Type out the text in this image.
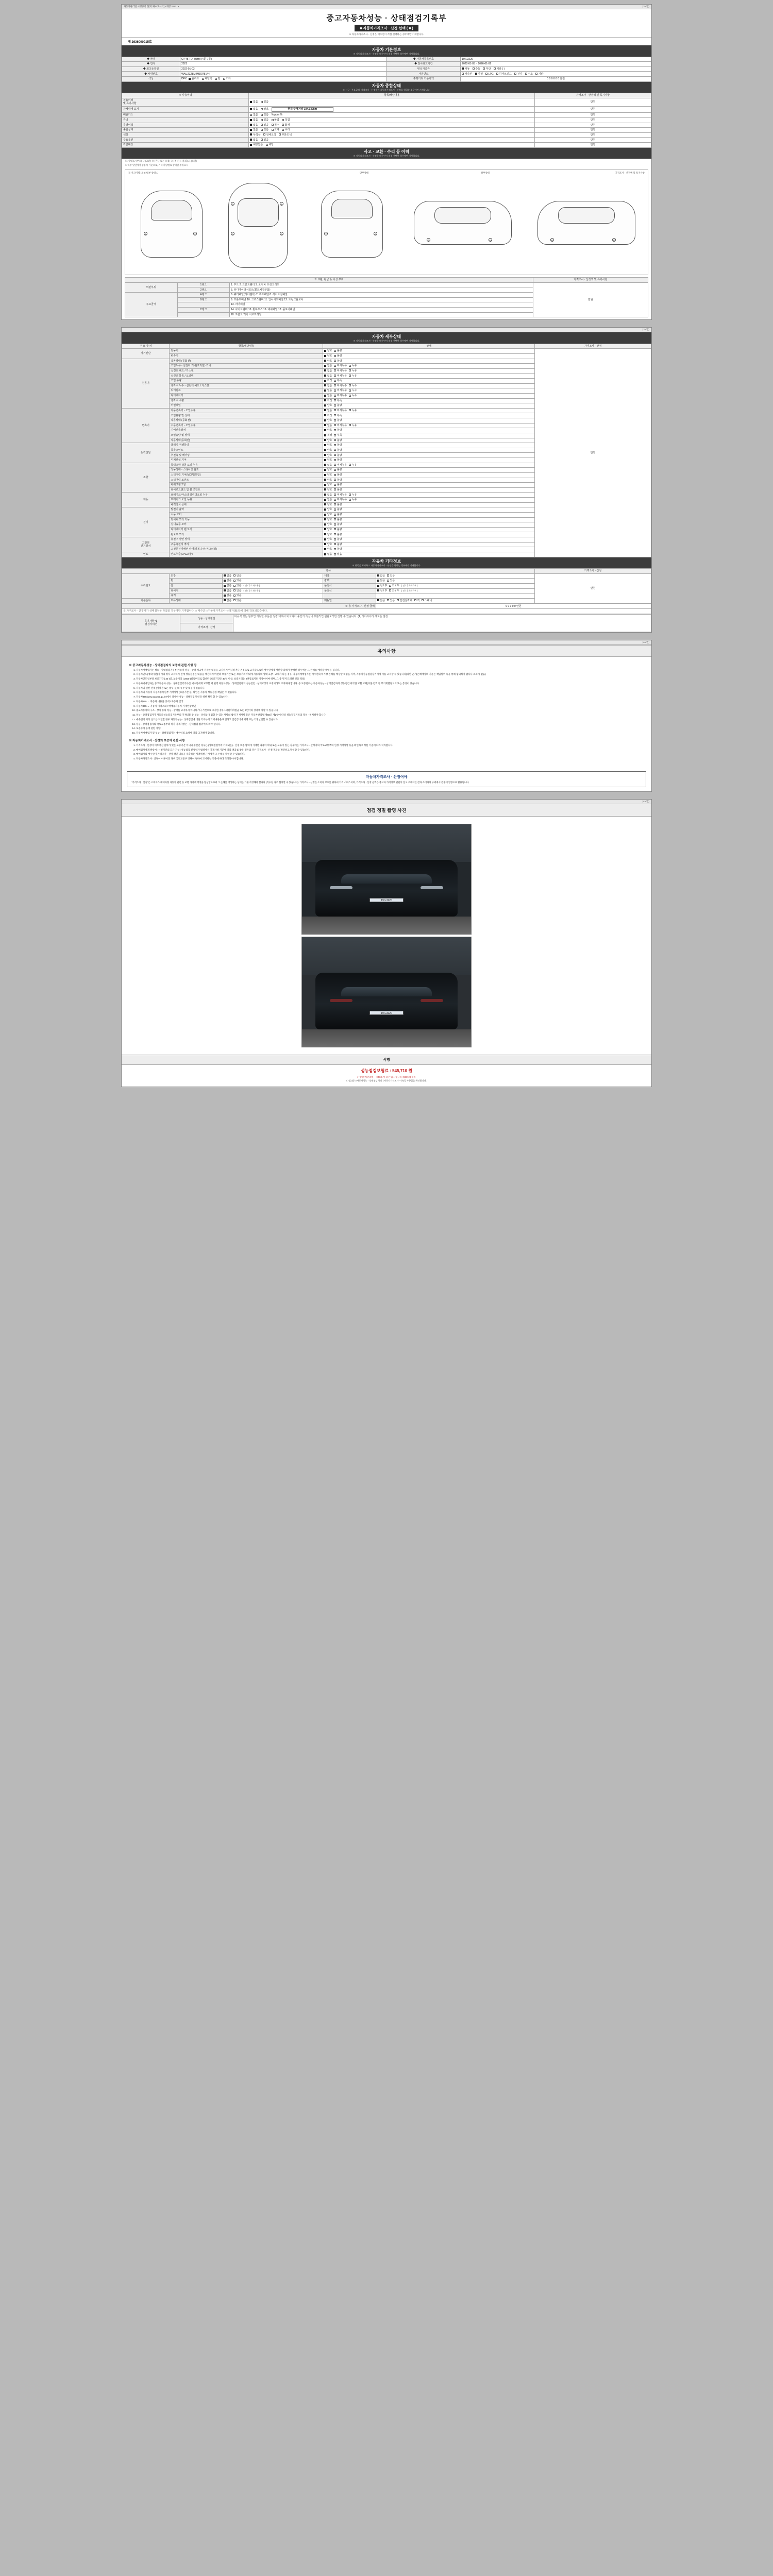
자동차관리법 시행규칙 [별지 제82호서식] <개정 2022. >	(3/4면)
중고자동차성능 · 상태점검기록부
■ 자동차가격조사 · 산정 선택 ( ■ )
※ 자동차가격조사 · 산정은 매수인이 직접 선택하는 경우에만 기재합니다.
제 2636000915호
자동차 기본정보
※ 자동차가격조사 · 산정을 매수인이 직접 선택한 경우에만 기재합니다.
◆ 차명	Q7 45 TDI quttro (4륜구동)	◆ 자동차등록번호	19도3220
◆ 연식	2021	◆ 검사유효기간	2022-01-03 ~ 2026-01-02
◆ 최초등록일	2022-01-03	변속기종류	자동 수동 무단 기타 ( )
◆ 차대번호	WAUZZZ8M4MD075144	사용연료	가솔린 디젤 LPG 하이브리드 전기 수소 기타
색상	DPX 솔리드 메탈릭 펄 기타	주행거리 기준가액	0 0 0 0 0 0 만원
자동차 종합상태
※ 신규 · 주요골격, 가격조사 · 산정액이 자동차가격조사 · 산정을 원하는 경우에만 기재합니다.
※ 사용이력	항목/해당내용	가격조사 · 산정액 및 특기사항
전용이력
및 특기사항	없음 있음	만원
자체상태 표기	없음 양호 현재 주행거리 194,039km	만원
배출가스	없음 있음 % ppm %	만원
튜닝	없음 있음 불법 적법	만원
특별이력	없음 있음 침수 화재	만원
종합상태	없음 있음 교체 수리	만원
색상	무색상 전체도색 부분도색	만원
주요옵션	없음 있음	만원
리콜대상	해당없음 해당	만원
사고 · 교환 · 수리 등 이력
※ 자동차가격조사 · 산정을 매수인이 직접 선택한 경우에만 기재합니다.
※ (상태표시부호) ⊙ (교환) ⊗ (판금 또는 용접) ⊖ (부식) □ (흠집) △ (요철)
※ 하부 밑면에서 승용차 기준으로, 기타 차량별로 상태별 부위표시
※ 사고이력 (외부/내부 상태 1)	단부상태	하부상태	가격조사 · 산정액 및 특기사항
1	2
3	4
5	6	7	8
9	10	11	12
※ 교환, 판금 등 이상 부위			가격조사 · 산정액 및 특기사항
외판부위	1랭크	1. 후드 2. 프론트휀더 3. 도어 4. 트렁크리드	만원
	2랭크	5. 라디에이터서포트(볼트체결부품)	
주요골격	A랭크	6. 쿼터패널(리어휀더) 7. 루프패널 8. 사이드실패널	
	B랭크	9. 프론트패널 10. 크로스멤버 11. 인사이드패널 12. 트렁크플로어	
		13. 리어패널	
	C랭크	14. 사이드멤버 15. 휠하우스 16. 대쉬패널 17. 플로어패널	
		20. 프론트/리어 서브프레임	
(3/4면)
자동차 세부상태
※ 자동차가격조사 · 산정을 매수인이 직접 선택한 경우에만 기재합니다.
주 요 장 치	항목/해당내용	상태	가격조사 · 산정
자기진단	원동기	양호 불량	만원
	변속기	양호 불량	
원동기	작동상태 (공회전)	양호 불량	
	오일누유 - 실린더 커버(로커암) 커버	없음 미세누유 누유	
	실린더 헤드 / 가스켓	없음 미세누유 누유	
	실린더 블록 / 오일팬	없음 미세누유 누유	
	오일 유량	적정 부족	
	냉각수 누수 - 실린더 헤드 / 가스켓	없음 미세누수 누수	
	워터펌프	없음 미세누수 누수	
	라디에이터	없음 미세누수 누수	
	냉각수 수량	적정 부족	
	커먼레일	양호 불량	
변속기	자동변속기 - 오일누유	없음 미세누유 누유	
	오일유량 및 상태	적정 부족	
	작동상태 (공회전)	양호 불량	
	수동변속기 - 오일누유	없음 미세누유 누유	
	기어변속장치	양호 불량	
	오일유량 및 상태	적정 부족	
	작동상태(공회전)	양호 불량	
동력전달	클러치 어셈블리	양호 불량	
	등속조인트	양호 불량	
	추진축 및 베어링	양호 불량	
	디퍼렌셜 기어	양호 불량	
조향	동력조향 작동 오일 누유	없음 미세누유 누유	
	작동상태 - 스티어링 펌프	양호 불량	
	스티어링 기어(MDPS포함)	양호 불량	
	스티어링 조인트	양호 불량	
	파워크랭크암	양호 불량	
	타이로드엔드 및 볼 조인트	양호 불량	
제동	브레이크 마스터 실린더오일 누유	없음 미세누유 누유	
	브레이크 오일 누유	없음 미세누유 누유	
	배력장치 상태	양호 불량	
전기	발전기 출력	양호 불량	
	시동 모터	양호 불량	
	와이퍼 모터 기능	양호 불량	
	실내송풍 모터	양호 불량	
	라디에이터 팬 모터	양호 불량	
	윈도우 모터	양호 불량	
고전원
전기장치	충전구 절연 상태	양호 불량	
	구동축전지 격리	양호 불량	
	고전원전기배선 상태(피복,손상,찌그러짐)	양호 불량	
연료	연료누출(LPG포함)	없음 있음	
자동차 기타정보
※ 항목을 표시하고 자동차가격조사 · 산정을 원하는 경우에만 기재합니다.
항목					가격조사 · 산정
수리필요	외장	없음 있음	내장	없음 있음	만원
	휠	없음 있음	광택	없음 있음	
	룸	없음 있음 ( 전 / 후 / 좌 / 우 )	운전석	전 / 후 좌 / 우 ( 전 / 후 / 좌 / 우 )	
	타이어	없음 있음 ( 전 / 후 / 좌 / 우 )	운전석	전 / 후 좌 / 우 ( 전 / 후 / 좌 / 우 )	
	유리	없음 있음			
기본품목	보유상태	없음 있음	메뉴얼	없음 있음 안전삼각대 잭 스패너	
※ 총 가격조사 · 산정 금액	0 0 0 0 0 만원
※ 가격조사 · 산정자가 상태점검을 하였을 경우에만 기재합니다. □ 매수인 □ 자동차가격조사·산정자(협의)에 의해 작성되었습니다.
특기사항 및
점검자의견	성능 · 상태점검	비공식 있는 할부인 기능한 부품은 점검 대체시 비치되어 중간기 측금내 부분적인 원판도색만 진행 수 있습니다. (4, 리어씨어리 세로운 점검
가격조사 · 산정
(4/4면)
유의사항
※ 중고자동차성능 · 상태점검자의 보증에 관한 사항 등
1. 자동차매매업자는 성능 · 상태점검기록부(자동차 성능 · 상태 체크에 기재한 내용을 고지하지 아니하거나 거짓으로 고지함으로써 매수인에게 재산상 피해가 발생한 경우에는 그 손해를 배상할 책임을 집니다.
2. 자동차인도(명의이전)이 거의 정식 고지하기 전에 성능점검은 내용을 매전하여 마련의 보증기간 또는 보증거리 이내에 자동차의 상태 고장 · 교체가 다른 경우, 자동차매매업자는 매수인의 허가상 손해를 배상할 책임을 지며, 자동차성능점검장기에게 이를 고지할 수 있습니다(다만 근거(손해배상의 기준은 책임범위 등을 통해 협의해야 합니다 효과가 없음)
3. 자동차인도일부터 보증기간 ( 30 )일, 보증거리 ( 2000 )킬로미터로 합니다 (보증기간은 30일 이상, 보증거리는 2천킬로미터 이상이어야 하며, 그 중 먼저 도래한 것을 적용)
4. 자동차매매업자는 중고자동차 성능 · 상태점검기록부를 매수인에게 교부할 때 현행 자동차성능 · 상태점검자의 성능점검 · 상태고장의 교정이라도 고지해야 합니다. 동 보증범위는 자동차성능 · 상태점검자의 성능점검 미약한 교환 교체(부품 번액 등 무기계열장치의 또는 통칭이 있습니다.
5. 자동차의 권한 관계 (저당권 또는 압류 등)의 유무 및 내용이 있습니다.
6. 자동차의 자동차 자동차등록원부 기재사항 (보증기간 등) 확인은 자동차 성능점검 책임은 수 있습니다.
7. 자동차365(www.car365.go.kr)에서 상세한 성능 · 상태점검 확인을 위한 확인 할 수 있습니다.
8. 자동차365 → 자동차 내용을 공개 / 자동차 검색
9. 자동차365 → 자동차 이력조회 / 매매용자동차 기재현황확인
10. 중고자동차의 구조 · 장치 등의 성능 · 상태를 고지하지 아니하거나 거짓으로 고지한 경우 1억원이하벌금 또는 3년이하 징역에 처할 수 있습니다.
11. 성능 · 상태점검자가 자동차성능점검기록부의 기재내용 중 성능 · 상태를 점검할 수 있는 사항의 범위 기재사항 등은 자동차관리법 제58조 제2항에 따라 성능점검기록의 작성 · 비치해야 합니다.
12. 매수인이 허가 신고를 지연할 경우 자동차성능 · 상태점검에 대한 기록부의 기재내용을 확인하고 점검장비에 서명 또는 기명날인할 수 있습니다.
13. 성능 · 상태점검자의 국토교통부의 허가 기재사항은 · 상태점검 범위에 따라야 합니다.
14. 보증수리 등에 관한 사항:
15. 자동차매매업자 및 성능 · 상태점검자는 매수인의 요청에 따라 고지해야 합니다.
※ 자동차가격조사 · 산정의 보증에 관한 사항
1. 가격조사 · 산정이 이루어진 날짜가 있는 보증기간 이내의 주간인 경우는 (상태점검부에 기재되는) · 산정 보증 합의에 기재한 내용이 허위 또는 오류가 있는 경우에는 가격조사 · 산정자의 국토교통부의 인정 기재사항 등을 확인하고 정한 기준에 따라 처리합니다.
2. 매매업자에게 발송시 (신청기간의 모든 가능) 성능점검 신청일자 범위에서 기재사항 기준에 따라 결과를 받은 경우와 다른 가격조사 · 산정 결과를 확인하고 확인할 수 있습니다.
3. 매매업자의 매수인이 가격조사 · 산정 확인 내용을 제출하는 계약체결 근거에서 그 손해를 확인할 수 있습니다.
4. 자동차가격조사 · 산정이 이루어진 경우 국토교통부 장관이 정하여 고시하는 기준에 따라 작성되어야 합니다.
자동차가격조사 · 산정여야
"가격조사 · 산정"은 소비자가 매매차량 자동차 관련 등 교환 가격에 책정을 협상함으로써 그 손해를 배상하는 상태를 기준 작성해야 합니다 (특수한 경우 협의할 수 있습니다). 가격조사 · 산정은 소비자 보호를 위하여 가격 서비스이며, 가격조사 · 산정 금액은 중고차 가격정보 판단의 참고 구매자인 결과 소비자의 구매에서 결정에 영향으로 활용됩니다.
(4/4면)
점검 정밀 촬영 사진
19도3220
19도3220
서명
성능점검보험료 : 545,710 원
( * )자동차관리법」 제58조 및 같은 법 시행규칙 제30조에 따라
( * )(1)중고자동차성능 · 상태점검 결과 | 자동차가격조사 · 산정 ) 사항입을 확인합니다.
